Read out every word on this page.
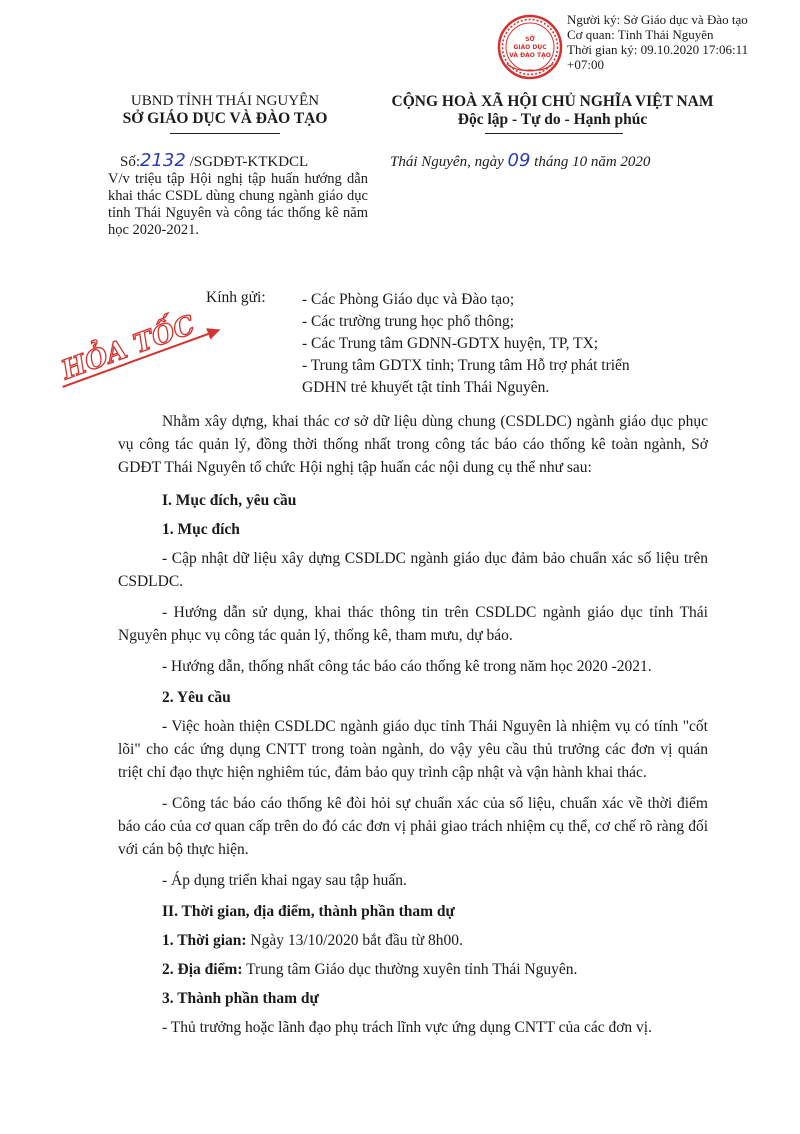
SỞ
GIÁO DỤC
VÀ ĐÀO TẠO
Người ký: Sở Giáo dục và Đào tạo
Cơ quan: Tỉnh Thái Nguyên
Thời gian ký: 09.10.2020 17:06:11 +07:00
UBND TỈNH THÁI NGUYÊN
SỞ GIÁO DỤC VÀ ĐÀO TẠO
CỘNG HOÀ XÃ HỘI CHỦ NGHĨA VIỆT NAM
Độc lập - Tự do - Hạnh phúc
Số:2132 /SGDĐT-KTKDCL	Thái Nguyên, ngày 09 tháng 10 năm 2020
V/v triệu tập Hội nghị tập huấn hướng dẫn khai thác CSDL dùng chung ngành giáo dục tỉnh Thái Nguyên và công tác thống kê năm học 2020-2021.
HỎA TỐC
Kính gửi: - Các Phòng Giáo dục và Đào tạo;
- Các trường trung học phổ thông;
- Các Trung tâm GDNN-GDTX huyện, TP, TX;
- Trung tâm GDTX tỉnh; Trung tâm Hỗ trợ phát triển
GDHN trẻ khuyết tật tỉnh Thái Nguyên.

Nhằm xây dựng, khai thác cơ sở dữ liệu dùng chung (CSDLDC) ngành giáo dục phục vụ công tác quản lý, đồng thời thống nhất trong công tác báo cáo thống kê toàn ngành, Sở GDĐT Thái Nguyên tổ chức Hội nghị tập huấn các nội dung cụ thể như sau:

I. Mục đích, yêu cầu

1. Mục đích

- Cập nhật dữ liệu xây dựng CSDLDC ngành giáo dục đảm bảo chuẩn xác số liệu trên CSDLDC.

- Hướng dẫn sử dụng, khai thác thông tin trên CSDLDC ngành giáo dục tỉnh Thái Nguyên phục vụ công tác quản lý, thống kê, tham mưu, dự báo.

- Hướng dẫn, thống nhất công tác báo cáo thống kê trong năm học 2020 -2021.

2. Yêu cầu

- Việc hoàn thiện CSDLDC ngành giáo dục tỉnh Thái Nguyên là nhiệm vụ có tính "cốt lõi" cho các ứng dụng CNTT trong toàn ngành, do vậy yêu cầu thủ trưởng các đơn vị quán triệt chỉ đạo thực hiện nghiêm túc, đảm bảo quy trình cập nhật và vận hành khai thác.

- Công tác báo cáo thống kê đòi hỏi sự chuẩn xác của số liệu, chuẩn xác về thời điểm báo cáo của cơ quan cấp trên do đó các đơn vị phải giao trách nhiệm cụ thể, cơ chế rõ ràng đối với cán bộ thực hiện.

- Áp dụng triển khai ngay sau tập huấn.

II. Thời gian, địa điểm, thành phần tham dự

1. Thời gian: Ngày 13/10/2020 bắt đầu từ 8h00.

2. Địa điểm: Trung tâm Giáo dục thường xuyên tỉnh Thái Nguyên.

3. Thành phần tham dự

- Thủ trưởng hoặc lãnh đạo phụ trách lĩnh vực ứng dụng CNTT của các đơn vị.
